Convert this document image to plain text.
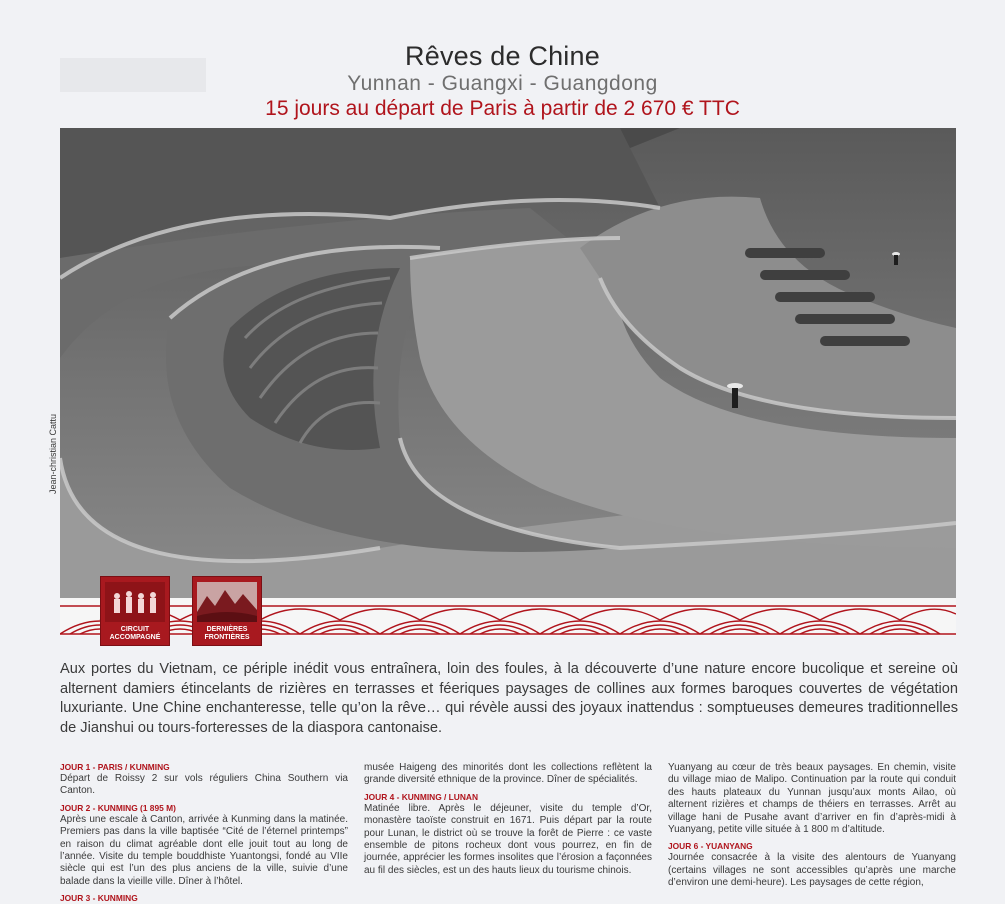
Rêves de Chine
Yunnan - Guangxi - Guangdong
15 jours au départ de Paris à partir de 2 670 € TTC
Jean-christian Cattu
CIRCUIT ACCOMPAGNÉ
DERNIÈRES FRONTIÈRES
Aux portes du Vietnam, ce périple inédit vous entraînera, loin des foules, à la découverte d’une nature encore bucolique et sereine où alternent damiers étincelants de rizières en terrasses et féeriques paysages de collines aux formes baroques couvertes de végétation luxuriante. Une Chine enchanteresse, telle qu’on la rêve… qui révèle aussi des joyaux inattendus : somptueuses demeures traditionnelles de Jianshui ou tours-forteresses de la diaspora cantonaise.
JOUR 1 - PARIS / KUNMING

Départ de Roissy 2 sur vols réguliers China Southern via Canton.

JOUR 2 - KUNMING (1 895 M)

Après une escale à Canton, arrivée à Kunming dans la matinée. Premiers pas dans la ville baptisée “Cité de l’éternel printemps” en raison du climat agréable dont elle jouit tout au long de l’année. Visite du temple bouddhiste Yuantongsi, fondé au VIIe siècle qui est l’un des plus anciens de la ville, suivie d’une balade dans la vieille ville. Dîner à l’hôtel.

JOUR 3 - KUNMING

musée Haigeng des minorités dont les collections reflètent la grande diversité ethnique de la province. Dîner de spécialités.

JOUR 4 - KUNMING / LUNAN

Matinée libre. Après le déjeuner, visite du temple d’Or, monastère taoïste construit en 1671. Puis départ par la route pour Lunan, le district où se trouve la forêt de Pierre : ce vaste ensemble de pitons rocheux dont vous pourrez, en fin de journée, apprécier les formes insolites que l’érosion a façonnées au fil des siècles, est un des hauts lieux du tourisme chinois.

Yuanyang au cœur de très beaux paysages. En chemin, visite du village miao de Malipo. Continuation par la route qui conduit des hauts plateaux du Yunnan jusqu’aux monts Ailao, où alternent rizières et champs de théiers en terrasses. Arrêt au village hani de Pusahe avant d’arriver en fin d’après-midi à Yuanyang, petite ville située à 1 800 m d’altitude.

JOUR 6 - YUANYANG

Journée consacrée à la visite des alentours de Yuanyang (certains villages ne sont accessibles qu’après une marche d’environ une demi-heure). Les paysages de cette région,
